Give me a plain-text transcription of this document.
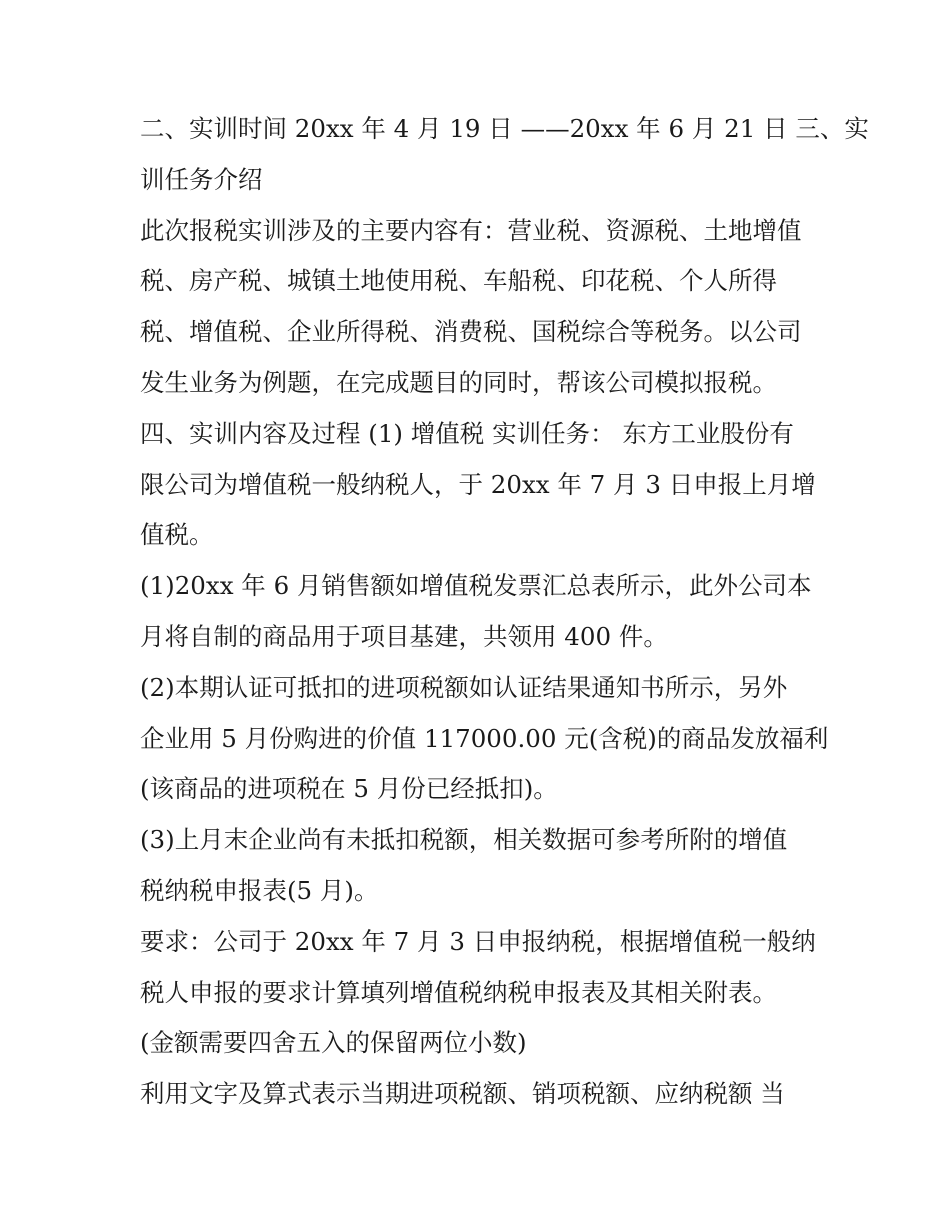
二、实训时间 20xx 年 4 月 19 日 ——20xx 年 6 月 21 日 三、实

训任务介绍

此次报税实训涉及的主要内容有：营业税、资源税、土地增值

税、房产税、城镇土地使用税、车船税、印花税、个人所得

税、增值税、企业所得税、消费税、国税综合等税务。以公司

发生业务为例题，在完成题目的同时，帮该公司模拟报税。

四、实训内容及过程 (1) 增值税 实训任务： 东方工业股份有

限公司为增值税一般纳税人，于 20xx 年 7 月 3 日申报上月增

值税。

(1)20xx 年 6 月销售额如增值税发票汇总表所示，此外公司本

月将自制的商品用于项目基建，共领用 400 件。

(2)本期认证可抵扣的进项税额如认证结果通知书所示，另外

企业用 5 月份购进的价值 117000.00 元(含税)的商品发放福利

(该商品的进项税在 5 月份已经抵扣)。

(3)上月末企业尚有未抵扣税额，相关数据可参考所附的增值

税纳税申报表(5 月)。

要求：公司于 20xx 年 7 月 3 日申报纳税，根据增值税一般纳

税人申报的要求计算填列增值税纳税申报表及其相关附表。

(金额需要四舍五入的保留两位小数)

利用文字及算式表示当期进项税额、销项税额、应纳税额 当
